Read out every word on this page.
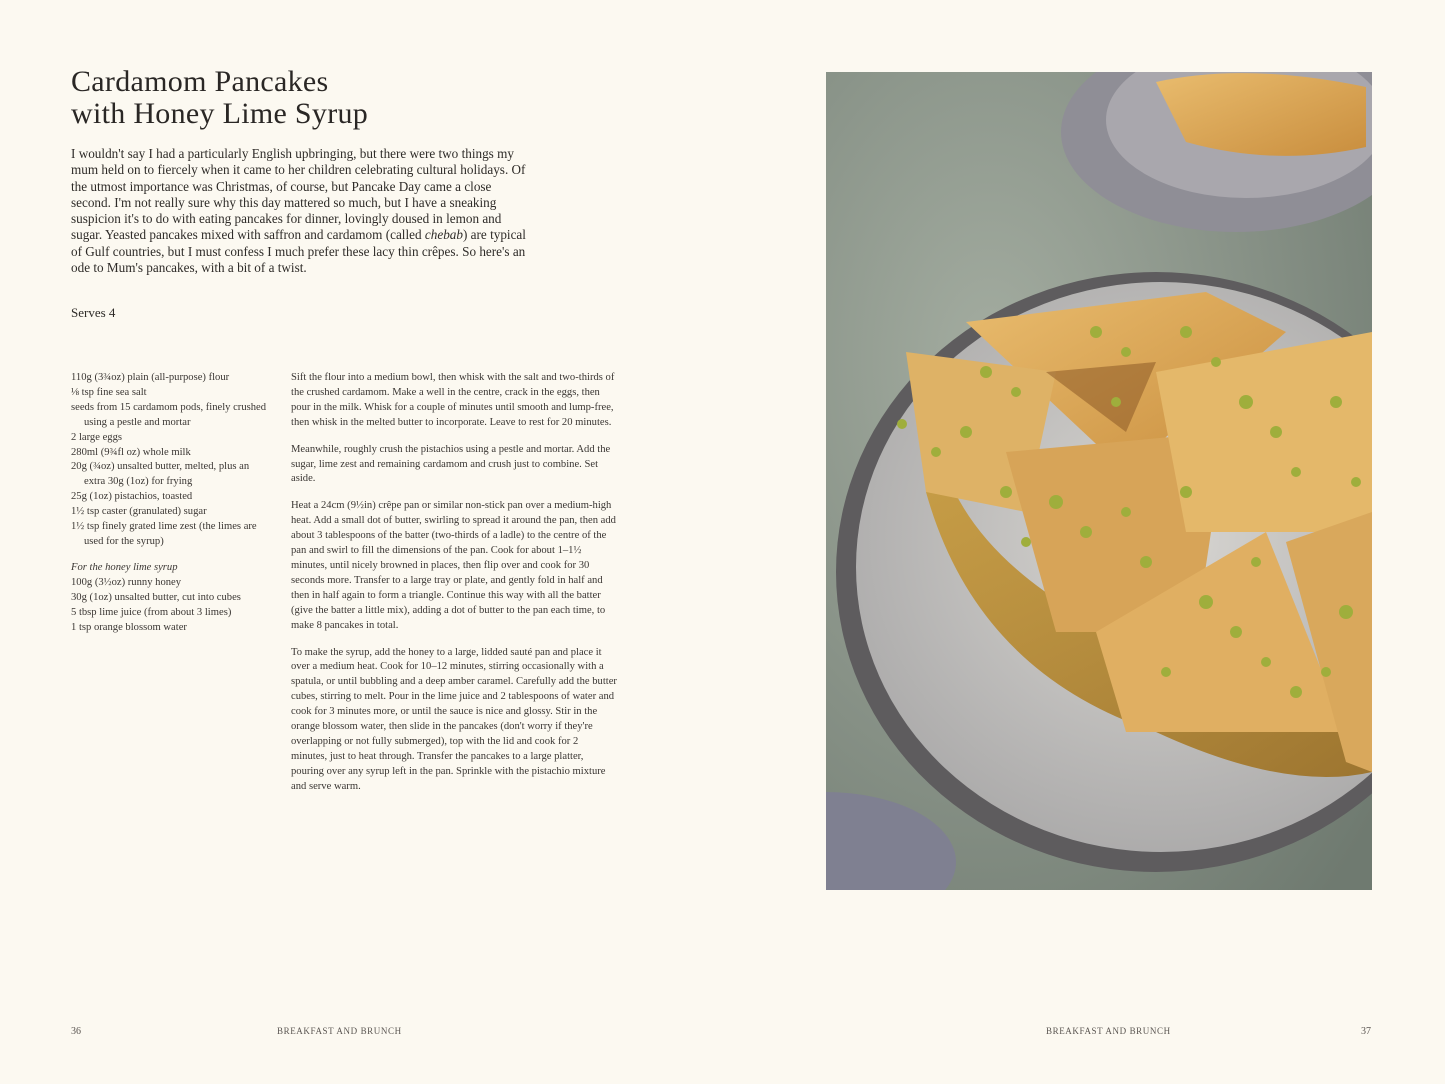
Cardamom Pancakes
with Honey Lime Syrup

I wouldn't say I had a particularly English upbringing, but there were two things my mum held on to fiercely when it came to her children celebrating cultural holidays. Of the utmost importance was Christmas, of course, but Pancake Day came a close second. I'm not really sure why this day mattered so much, but I have a sneaking suspicion it's to do with eating pancakes for dinner, lovingly doused in lemon and sugar. Yeasted pancakes mixed with saffron and cardamom (called chebab) are typical of Gulf countries, but I must confess I much prefer these lacy thin crêpes. So here's an ode to Mum's pancakes, with a bit of a twist.

Serves 4

110g (3¾oz) plain (all-purpose) flour
⅛ tsp fine sea salt
seeds from 15 cardamom pods, finely crushed using a pestle and mortar
2 large eggs
280ml (9¾fl oz) whole milk
20g (¾oz) unsalted butter, melted, plus an extra 30g (1oz) for frying
25g (1oz) pistachios, toasted
1½ tsp caster (granulated) sugar
1½ tsp finely grated lime zest (the limes are used for the syrup)
For the honey lime syrup
100g (3½oz) runny honey
30g (1oz) unsalted butter, cut into cubes
5 tbsp lime juice (from about 3 limes)
1 tsp orange blossom water

Sift the flour into a medium bowl, then whisk with the salt and two-thirds of the crushed cardamom. Make a well in the centre, crack in the eggs, then pour in the milk. Whisk for a couple of minutes until smooth and lump-free, then whisk in the melted butter to incorporate. Leave to rest for 20 minutes.

Meanwhile, roughly crush the pistachios using a pestle and mortar. Add the sugar, lime zest and remaining cardamom and crush just to combine. Set aside.

Heat a 24cm (9½in) crêpe pan or similar non-stick pan over a medium-high heat. Add a small dot of butter, swirling to spread it around the pan, then add about 3 tablespoons of the batter (two-thirds of a ladle) to the centre of the pan and swirl to fill the dimensions of the pan. Cook for about 1–1½ minutes, until nicely browned in places, then flip over and cook for 30 seconds more. Transfer to a large tray or plate, and gently fold in half and then in half again to form a triangle. Continue this way with all the batter (give the batter a little mix), adding a dot of butter to the pan each time, to make 8 pancakes in total.

To make the syrup, add the honey to a large, lidded sauté pan and place it over a medium heat. Cook for 10–12 minutes, stirring occasionally with a spatula, or until bubbling and a deep amber caramel. Carefully add the butter cubes, stirring to melt. Pour in the lime juice and 2 tablespoons of water and cook for 3 minutes more, or until the sauce is nice and glossy. Stir in the orange blossom water, then slide in the pancakes (don't worry if they're overlapping or not fully submerged), top with the lid and cook for 2 minutes, just to heat through. Transfer the pancakes to a large platter, pouring over any syrup left in the pan. Sprinkle with the pistachio mixture and serve warm.

36	BREAKFAST AND BRUNCH	BREAKFAST AND BRUNCH	37
